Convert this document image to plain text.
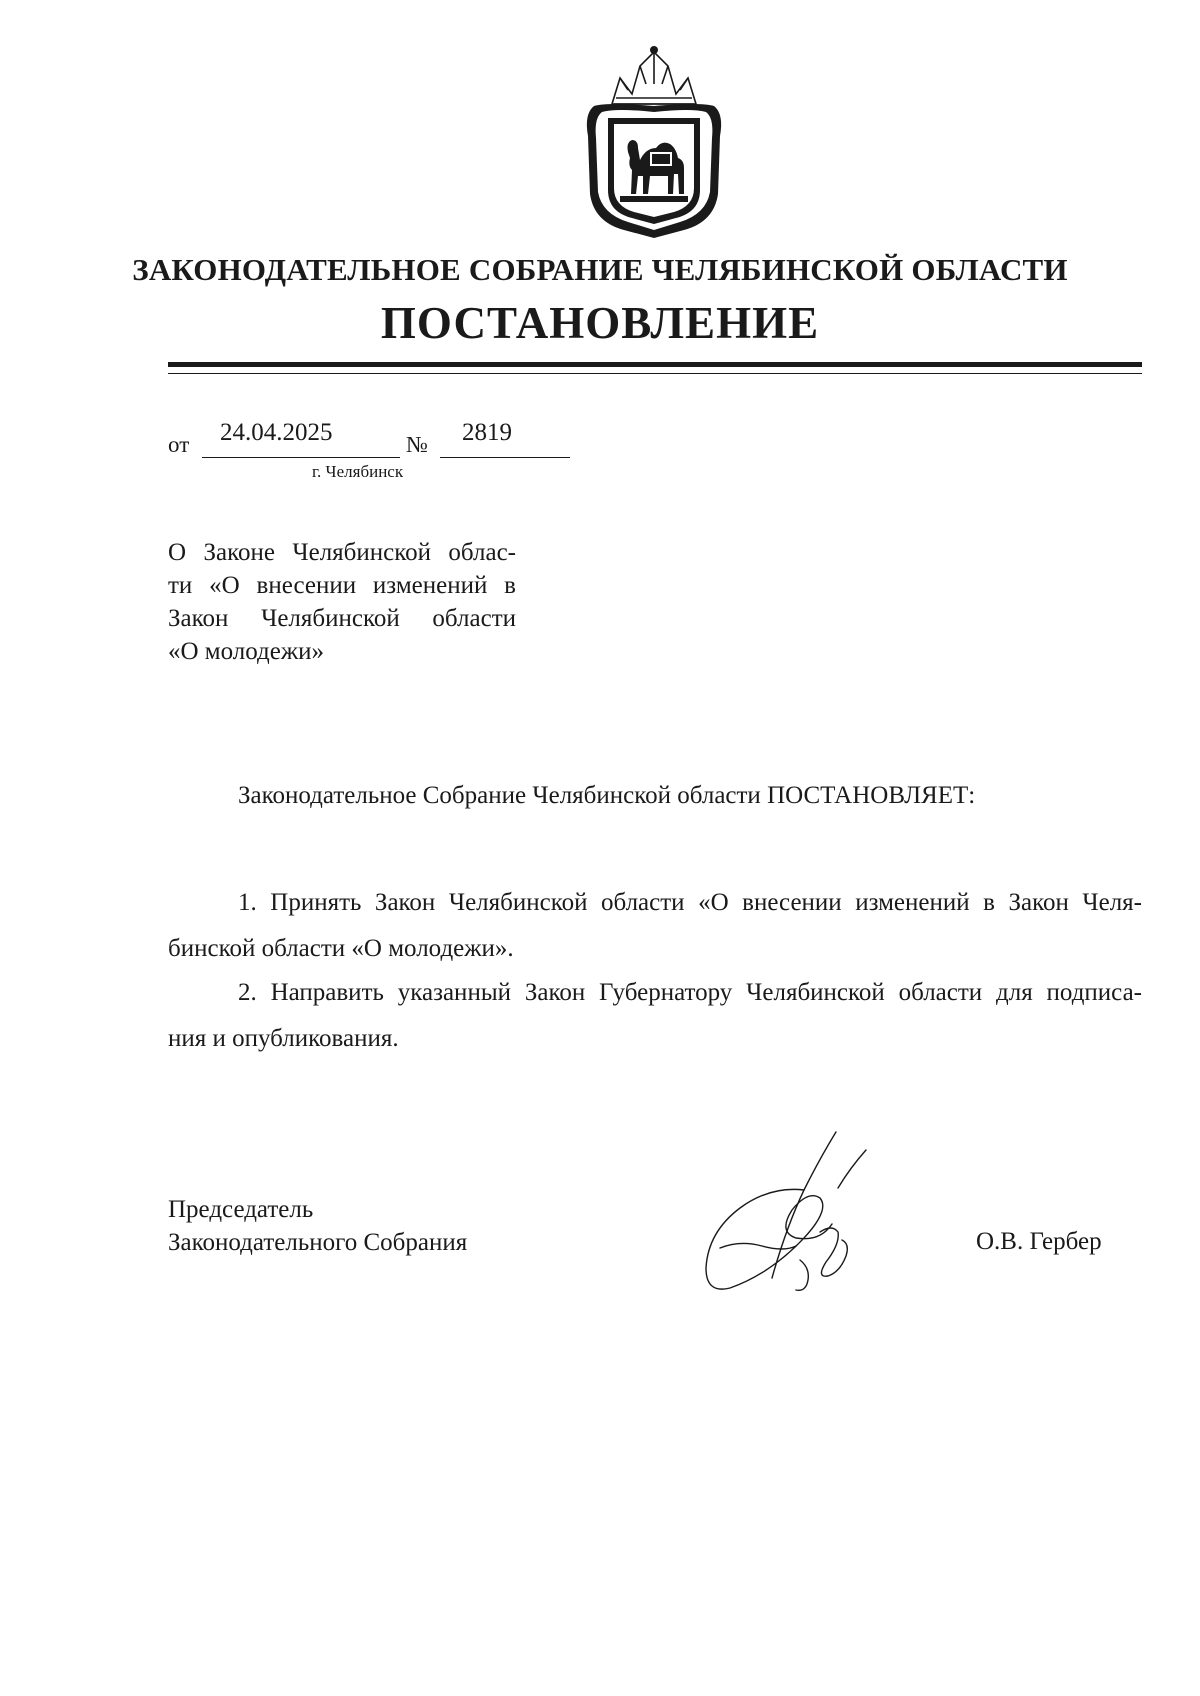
ЗАКОНОДАТЕЛЬНОЕ СОБРАНИЕ ЧЕЛЯБИНСКОЙ ОБЛАСТИ
ПОСТАНОВЛЕНИЕ
от 24.04.2025	№ 2819
г. Челябинск
О Законе Челябинской облас-
ти «О внесении изменений в
Закон Челябинской области
«О молодежи»
Законодательное Собрание Челябинской области ПОСТАНОВЛЯЕТ:
1. Принять Закон Челябинской области «О внесении изменений в Закон Челя-
бинской области «О молодежи».
2. Направить указанный Закон Губернатору Челябинской области для подписа-
ния и опубликования.
Председатель
Законодательного Собрания	О.В. Гербер
